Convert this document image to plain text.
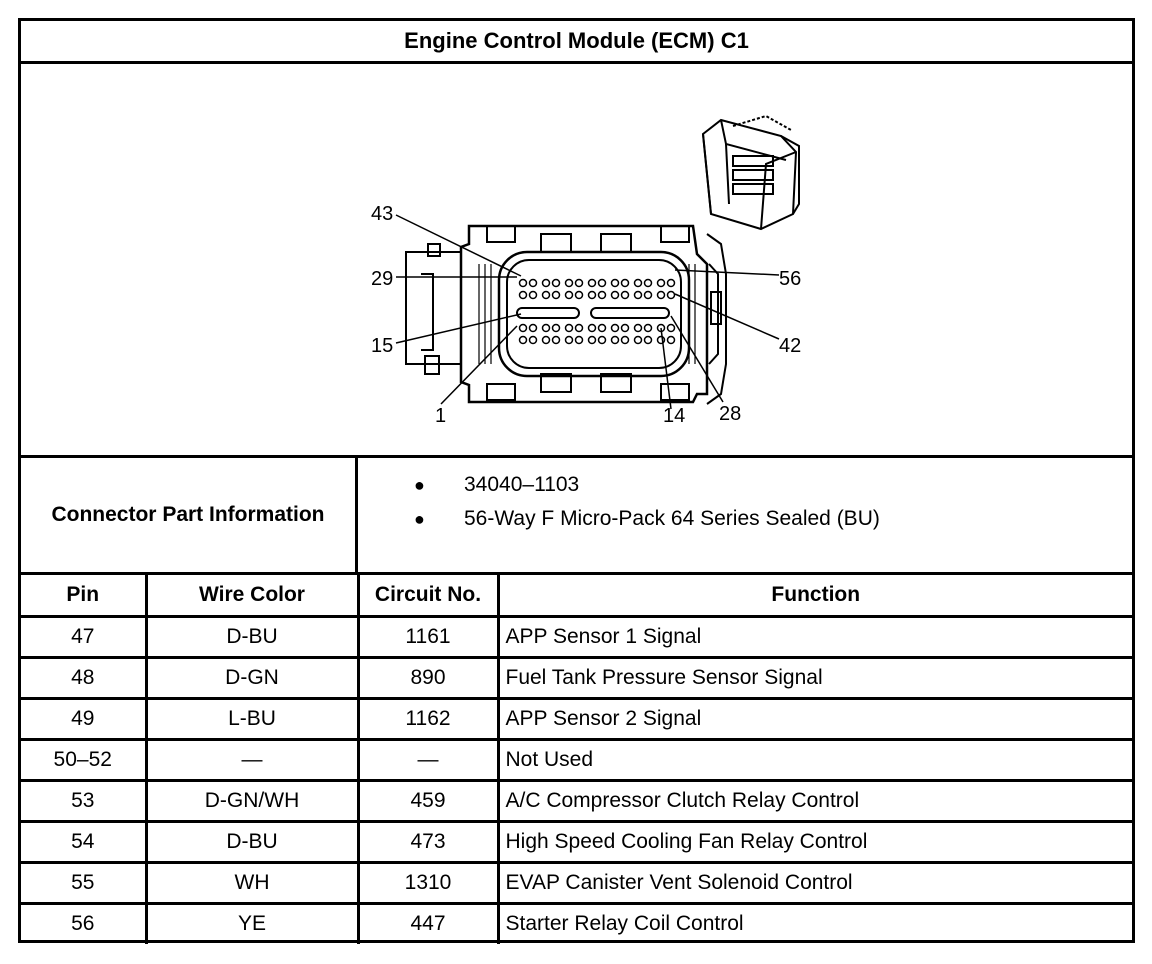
Engine Control Module (ECM) C1
43
29
15
1
56
42
14 28
Connector Part Information
● 34040–1103
● 56-Way F Micro-Pack 64 Series Sealed (BU)
Pin	Wire Color	Circuit No.	Function
47	D-BU	1161	APP Sensor 1 Signal
48	D-GN	890	Fuel Tank Pressure Sensor Signal
49	L-BU	1162	APP Sensor 2 Signal
50–52	—	—	Not Used
53	D-GN/WH	459	A/C Compressor Clutch Relay Control
54	D-BU	473	High Speed Cooling Fan Relay Control
55	WH	1310	EVAP Canister Vent Solenoid Control
56	YE	447	Starter Relay Coil Control
